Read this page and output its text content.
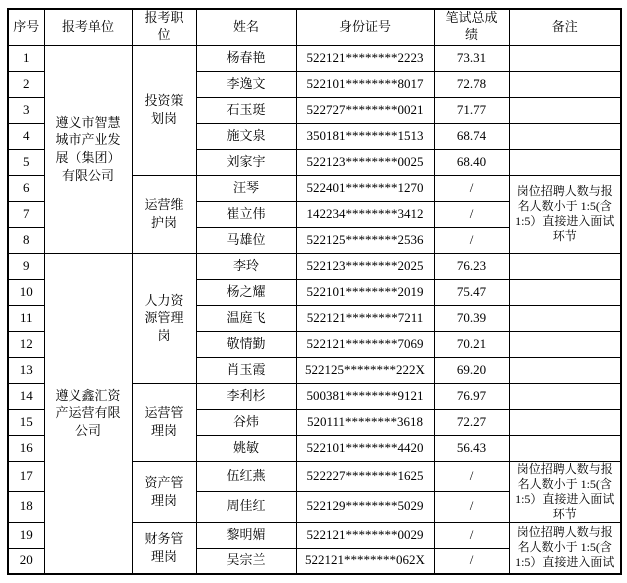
序号	报考单位	报考职位	姓名	身份证号	笔试总成绩	备注
1	遵义市智慧城市产业发展（集团）有限公司	投资策划岗	杨春艳	522121********2223	73.31	
2			李逸文	522101********8017	72.78	
3			石玉珽	522727********0021	71.77	
4			施文泉	350181********1513	68.74	
5			刘家宇	522123********0025	68.40	
6		运营维护岗	汪琴	522401********1270	/	岗位招聘人数与报名人数小于 1:5(含 1:5）直接进入面试环节
7			崔立伟	142234********3412	/	
8			马雄位	522125********2536	/	
9	遵义鑫汇资产运营有限公司	人力资源管理岗	李玲	522123********2025	76.23	
10			杨之耀	522101********2019	75.47	
11			温庭飞	522121********7211	70.39	
12			敬情勤	522121********7069	70.21	
13			肖玉霞	522125********222X	69.20	
14		运营管理岗	李利杉	500381********9121	76.97	
15			谷炜	520111********3618	72.27	
16			姚敏	522101********4420	56.43	
17		资产管理岗	伍红燕	522227********1625	/	岗位招聘人数与报名人数小于 1:5(含 1:5）直接进入面试环节
18			周佳红	522129********5029	/	
19		财务管理岗	黎明媚	522121********0029	/	岗位招聘人数与报名人数小于 1:5(含 1:5）直接进入面试
20			吴宗兰	522121********062X	/	
